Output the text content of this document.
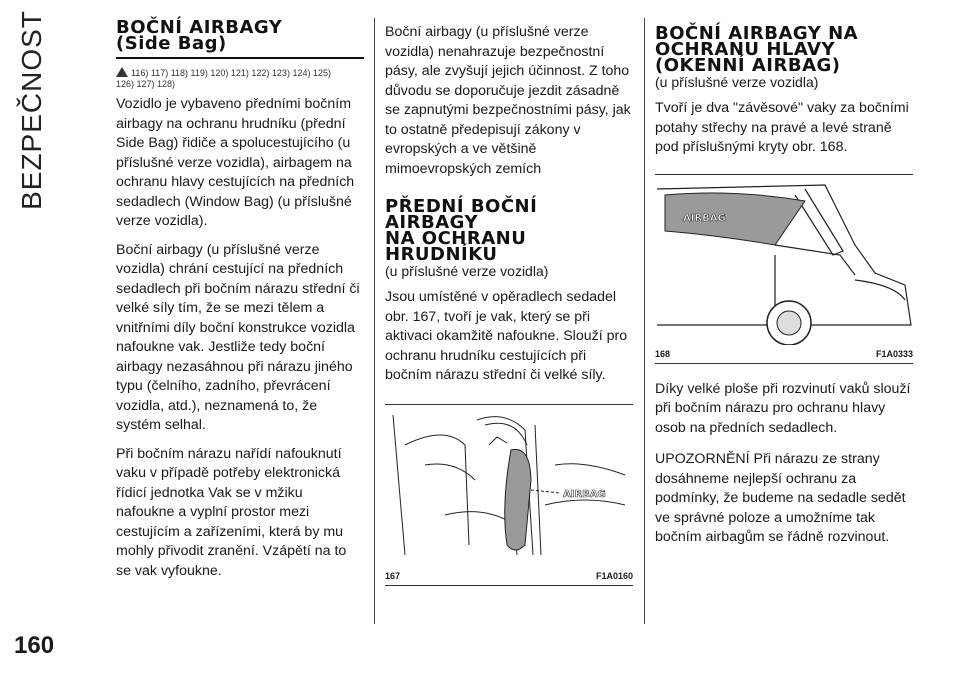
BEZPEČNOST	BOČNÍ AIRBAGY
(Side Bag)
116) 117) 118) 119) 120) 121) 122) 123) 124) 125)
126) 127) 128)

Vozidlo je vybaveno předními bočním airbagy na ochranu hrudníku (přední Side Bag) řidiče a spolucestujícího (u příslušné verze vozidla), airbagem na ochranu hlavy cestujících na předních sedadlech (Window Bag) (u příslušné verze vozidla).

Boční airbagy (u příslušné verze vozidla) chrání cestující na předních sedadlech při bočním nárazu střední či velké síly tím, že se mezi tělem a vnitřními díly boční konstrukce vozidla nafoukne vak. Jestliže tedy boční airbagy nezasáhnou při nárazu jiného typu (čelního, zadního, převrácení vozidla, atd.), neznamená to, že systém selhal.

Při bočním nárazu nařídí nafouknutí vaku v případě potřeby elektronická řídicí jednotka Vak se v mžiku nafoukne a vyplní prostor mezi cestujícím a zařízeními, která by mu mohly přivodit zranění. Vzápětí na to se vak vyfoukne.

Boční airbagy (u příslušné verze vozidla) nenahrazuje bezpečnostní pásy, ale zvyšují jejich účinnost. Z toho důvodu se doporučuje jezdit zásadně se zapnutými bezpečnostními pásy, jak to ostatně předepisují zákony v evropských a ve většině mimoevropských zemích

PŘEDNÍ BOČNÍ AIRBAGY
NA OCHRANU HRUDNÍKU

(u příslušné verze vozidla)

Jsou umístěné v opěradlech sedadel obr. 167, tvoří je vak, který se při aktivaci okamžitě nafoukne. Slouží pro ochranu hrudníku cestujících při bočním nárazu střední či velké síly.

AIRBAG
167	F1A0160
BOČNÍ AIRBAGY NA
OCHRANU HLAVY
(OKENNÍ AIRBAG)

(u příslušné verze vozidla)

Tvoří je dva "závěsové" vaky za bočními potahy střechy na pravé a levé straně pod příslušnými kryty obr. 168.

AIRBAG
168	F1A0333

Díky velké ploše při rozvinutí vaků slouží při bočním nárazu pro ochranu hlavy osob na předních sedadlech.

UPOZORNĚNÍ Při nárazu ze strany dosáhneme nejlepší ochranu za podmínky, že budeme na sedadle sedět ve správné poloze a umožníme tak bočním airbagům se řádně rozvinout.

160
